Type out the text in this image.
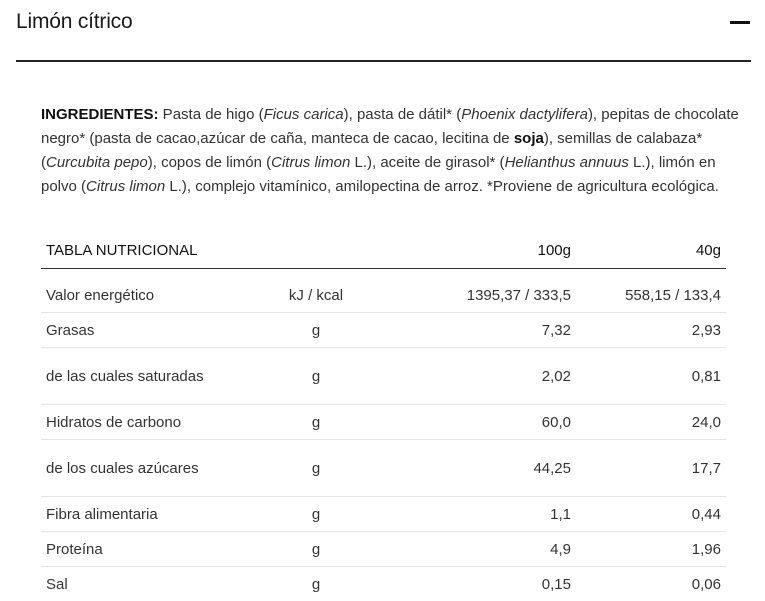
Limón cítrico
INGREDIENTES: Pasta de higo (Ficus carica), pasta de dátil* (Phoenix dactylifera), pepitas de chocolate negro* (pasta de cacao,azúcar de caña, manteca de cacao, lecitina de soja), semillas de calabaza* (Curcubita pepo), copos de limón (Citrus limon L.), aceite de girasol* (Helianthus annuus L.), limón en polvo (Citrus limon L.), complejo vitamínico, amilopectina de arroz. *Proviene de agricultura ecológica.
TABLA NUTRICIONAL		100g	40g

Valor energético	kJ / kcal	1395,37 / 333,5	558,15 / 133,4
Grasas	g	7,32	2,93
de las cuales saturadas	g	2,02	0,81
Hidratos de carbono	g	60,0	24,0
de los cuales azúcares	g	44,25	17,7
Fibra alimentaria	g	1,1	0,44
Proteína	g	4,9	1,96
Sal	g	0,15	0,06
